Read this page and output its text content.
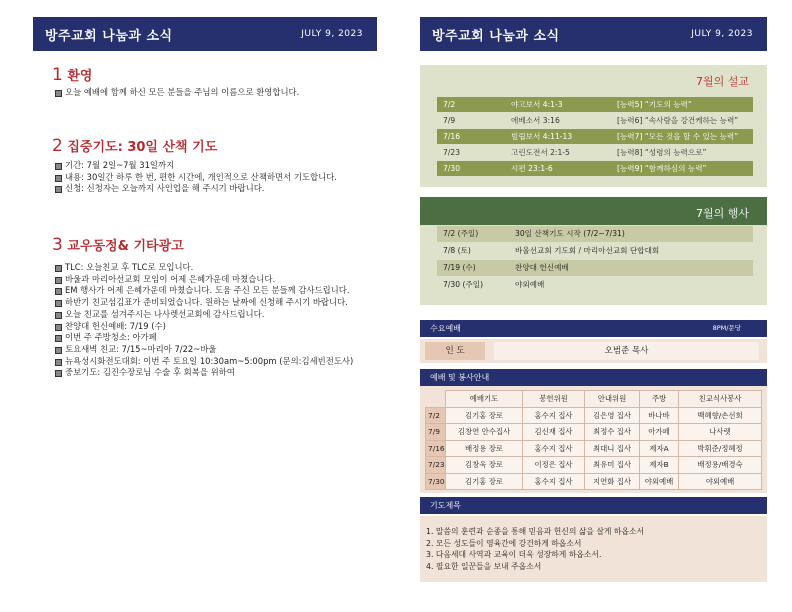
방주교회 나눔과 소식	JULY 9, 2023
1 환영
오늘 예배에 함께 하신 모든 분들을 주님의 이름으로 환영합니다.
2 집중기도: 30일 산책 기도
기간: 7월 2일~7월 31일까지
내용: 30일간 하루 한 번, 편한 시간에, 개인적으로 산책하면서 기도합니다.
신청: 신청자는 오늘까지 사인업을 해 주시기 바랍니다.
3 교우동정& 기타광고
TLC: 오늘친교 후 TLC로 모입니다.
바울과 마리아선교회 모임이 어제 은혜가운데 마쳤습니다.
EM 행사가 어제 은혜가운데 마쳤습니다. 도움 주신 모든 분들께 감사드립니다.
하반기 친교섬김표가 준비되었습니다. 원하는 날짜에 신청해 주시기 바랍니다.
오늘 친교를 섬겨주시는 나사렛선교회에 감사드립니다.
찬양대 헌신예배: 7/19 (수)
이번 주 주방청소: 아가페
토요새벽 친교: 7/15~마리아 7/22~바울
뉴욕성시화전도대회: 이번 주 토요일 10:30am~5:00pm (문의:김세빈전도사)
중보기도: 김진수장로님 수술 후 회복을 위하여
방주교회 나눔과 소식	JULY 9, 2023
7월의 설교
7/2	야고보서 4:1-3	[능력5] “기도의 능력”
7/9	에베소서 3:16	[능력6] “속사람을 강건케하는 능력”
7/16	빌립보서 4:11-13	[능력7] “모든 것을 할 수 있는 능력”
7/23	고린도전서 2:1-5	[능력8] “성령의 능력으로”
7/30	시편 23:1-6	[능력9] “함께하심의 능력”
7월의 행사
7/2 (주일)	30일 산책기도 시작 (7/2~7/31)
7/8 (토)	바울선교회 기도회 / 마리아선교회 단합대회
7/19 (수)	찬양대 헌신예배
7/30 (주일)	야외예배
수요예배	8PM/문당
인 도	오범준 목사
예배 및 봉사안내
	예배기도	봉헌위원	안내위원	주방	친교식사봉사
7/2	김기홍 장로	홍수지 집사	김은영 집사	바나바	백혜향/손선희
7/9	김창연 안수집사	김신재 집사	최정수 집사	아가페	나사렛
7/16	배정용 장로	홍수지 집사	최대니 집사	제자A	박휘준/정혜정
7/23	김창욱 장로	이정은 집사	최유미 집사	제자B	배정용/배경숙
7/30	김기홍 장로	홍수지 집사	지연화 집사	야외예배	야외예배
기도제목
1. 말씀의 훈련과 순종을 통해 믿음과 헌신의 삶을 살게 하옵소서
2. 모든 성도들이 영육간에 강건하게 하옵소서
3. 다음세대 사역과 교육이 더욱 성장하게 하옵소서.
4. 필요한 일꾼들을 보내 주옵소서
